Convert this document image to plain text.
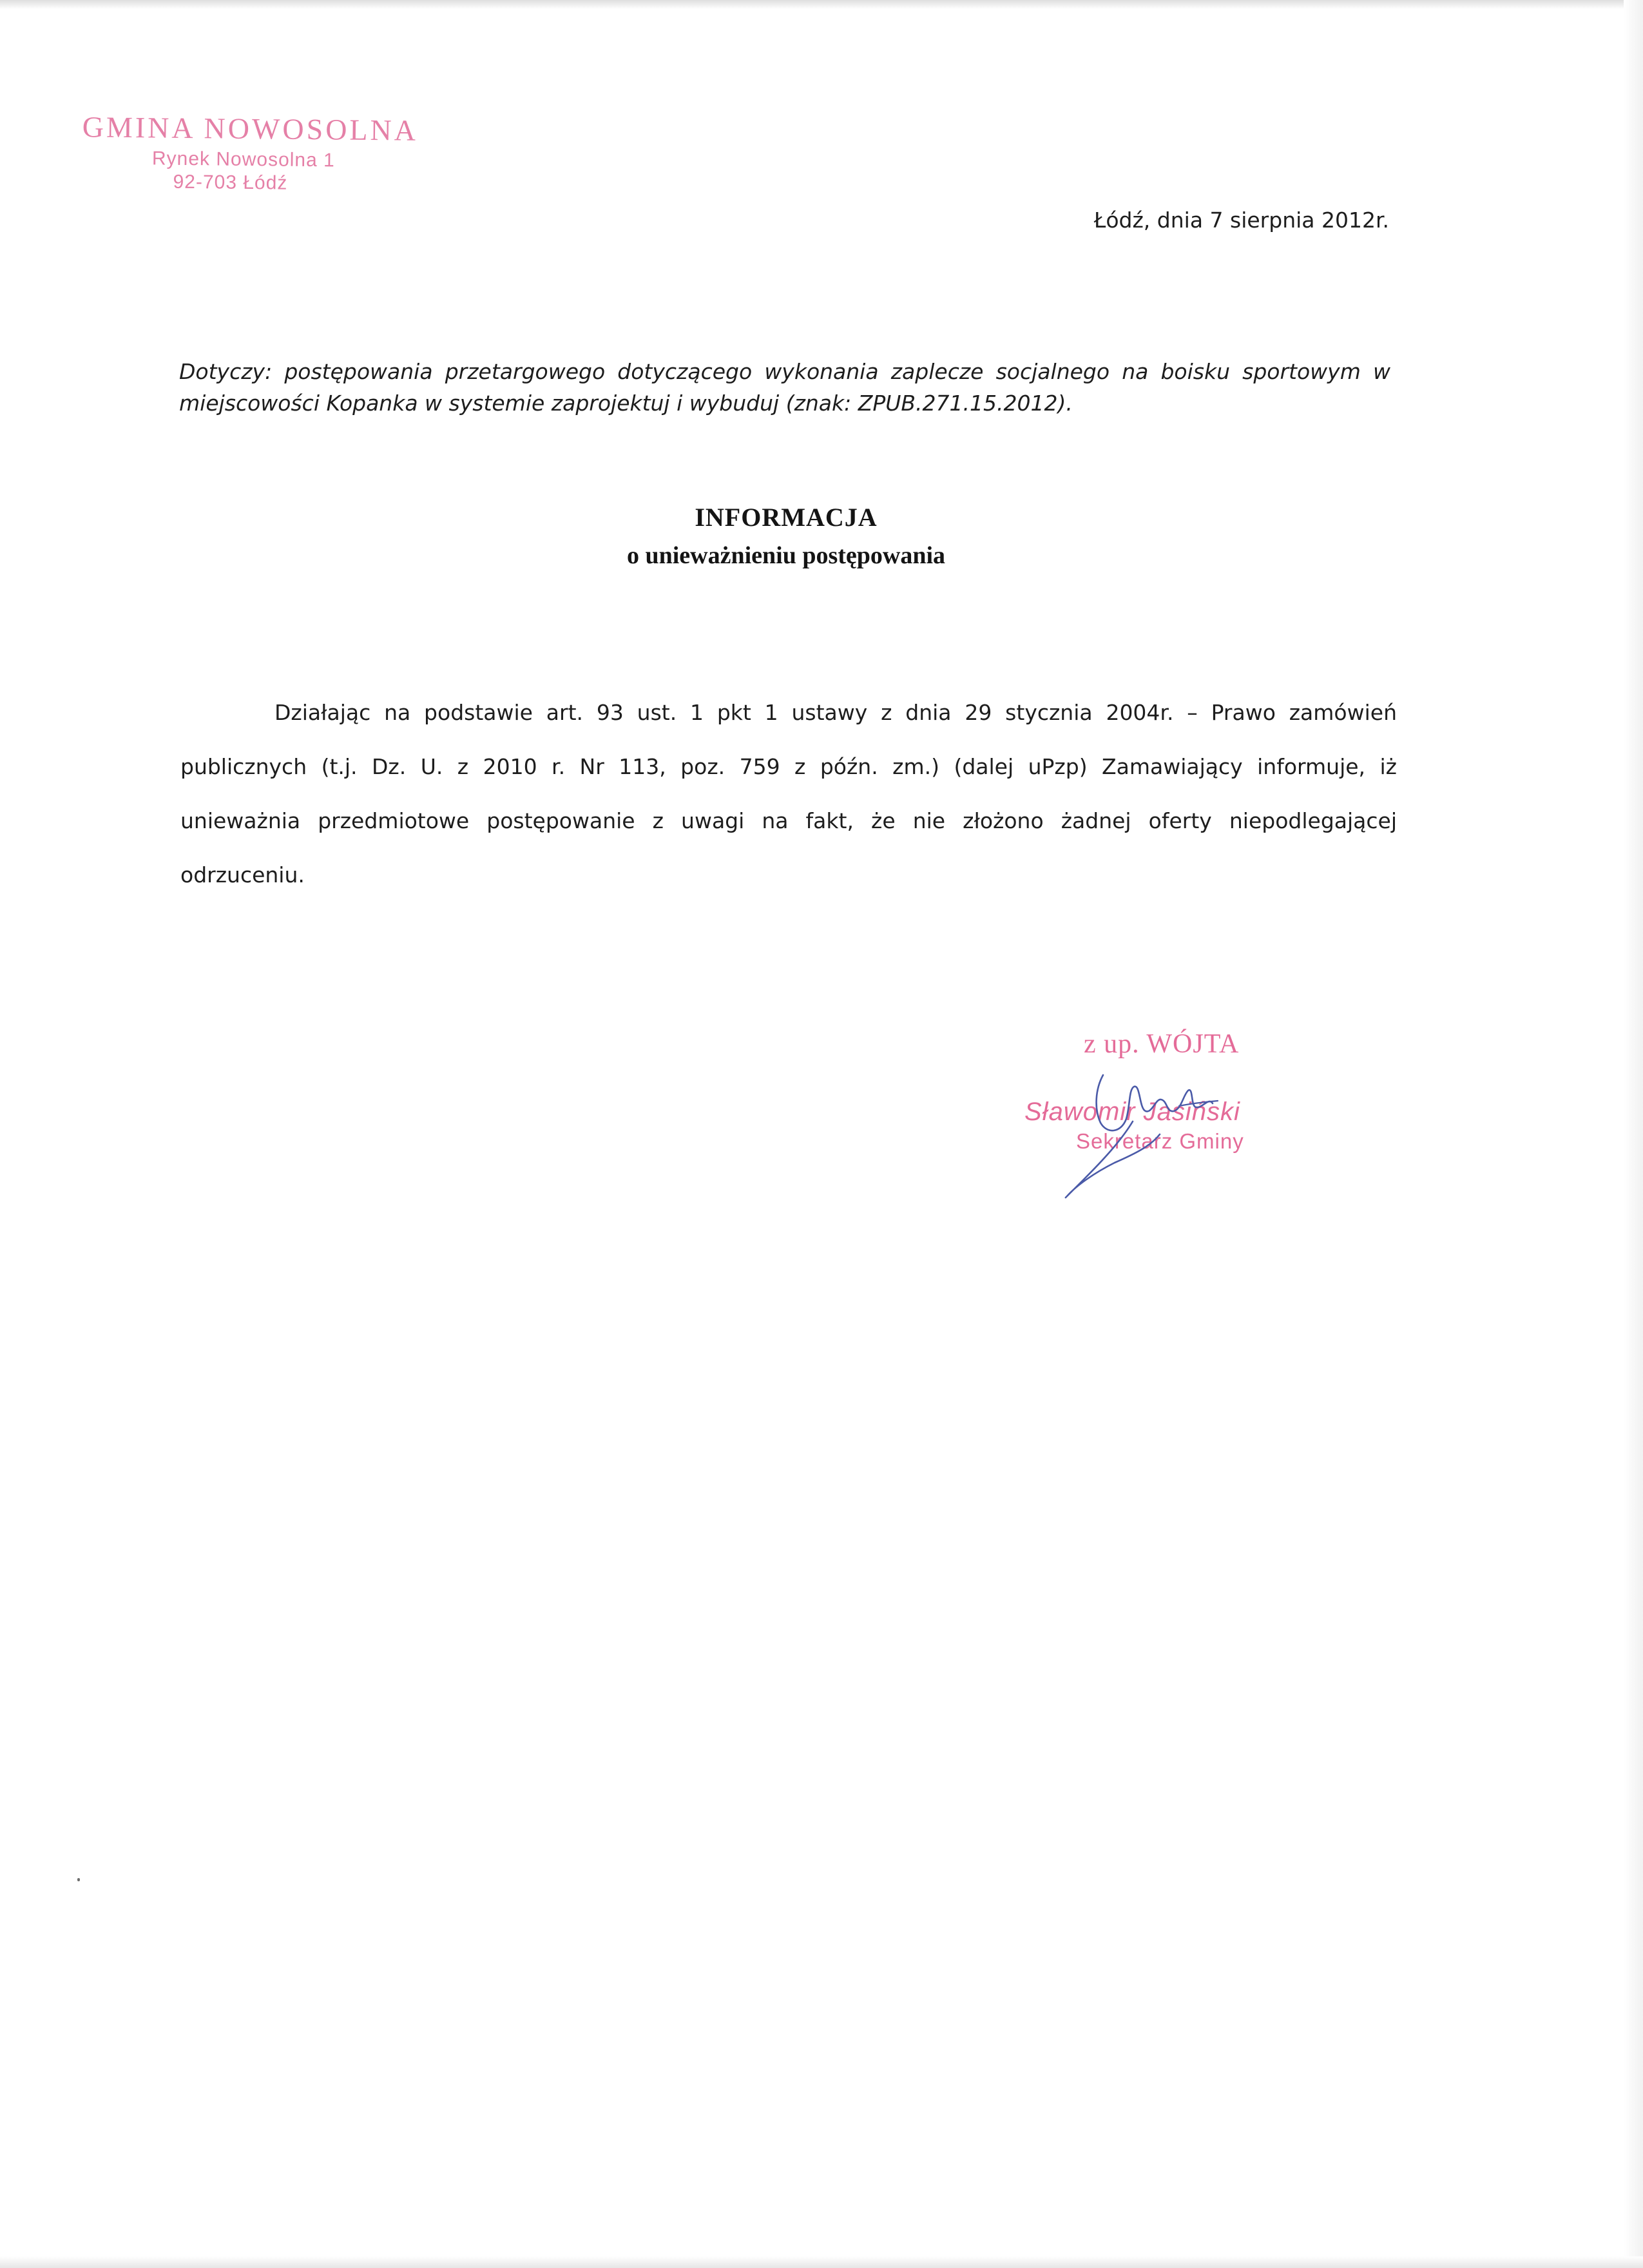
GMINA NOWOSOLNA
Rynek Nowosolna 1
92-703 Łódź
Łódź, dnia 7 sierpnia 2012r.
Dotyczy: postępowania przetargowego dotyczącego wykonania zaplecze socjalnego na boisku sportowym w miejscowości Kopanka w systemie zaprojektuj i wybuduj (znak: ZPUB.271.15.2012).
INFORMACJA
o unieważnieniu postępowania
Działając na podstawie art. 93 ust. 1 pkt 1 ustawy z dnia 29 stycznia 2004r. – Prawo zamówień publicznych (t.j. Dz. U. z 2010 r. Nr 113, poz. 759 z późn. zm.) (dalej uPzp) Zamawiający informuje, iż unieważnia przedmiotowe postępowanie z uwagi na fakt, że nie złożono żadnej oferty niepodlegającej odrzuceniu.
z up. WÓJTA
Sławomir Jasiński
Sekretarz Gminy
